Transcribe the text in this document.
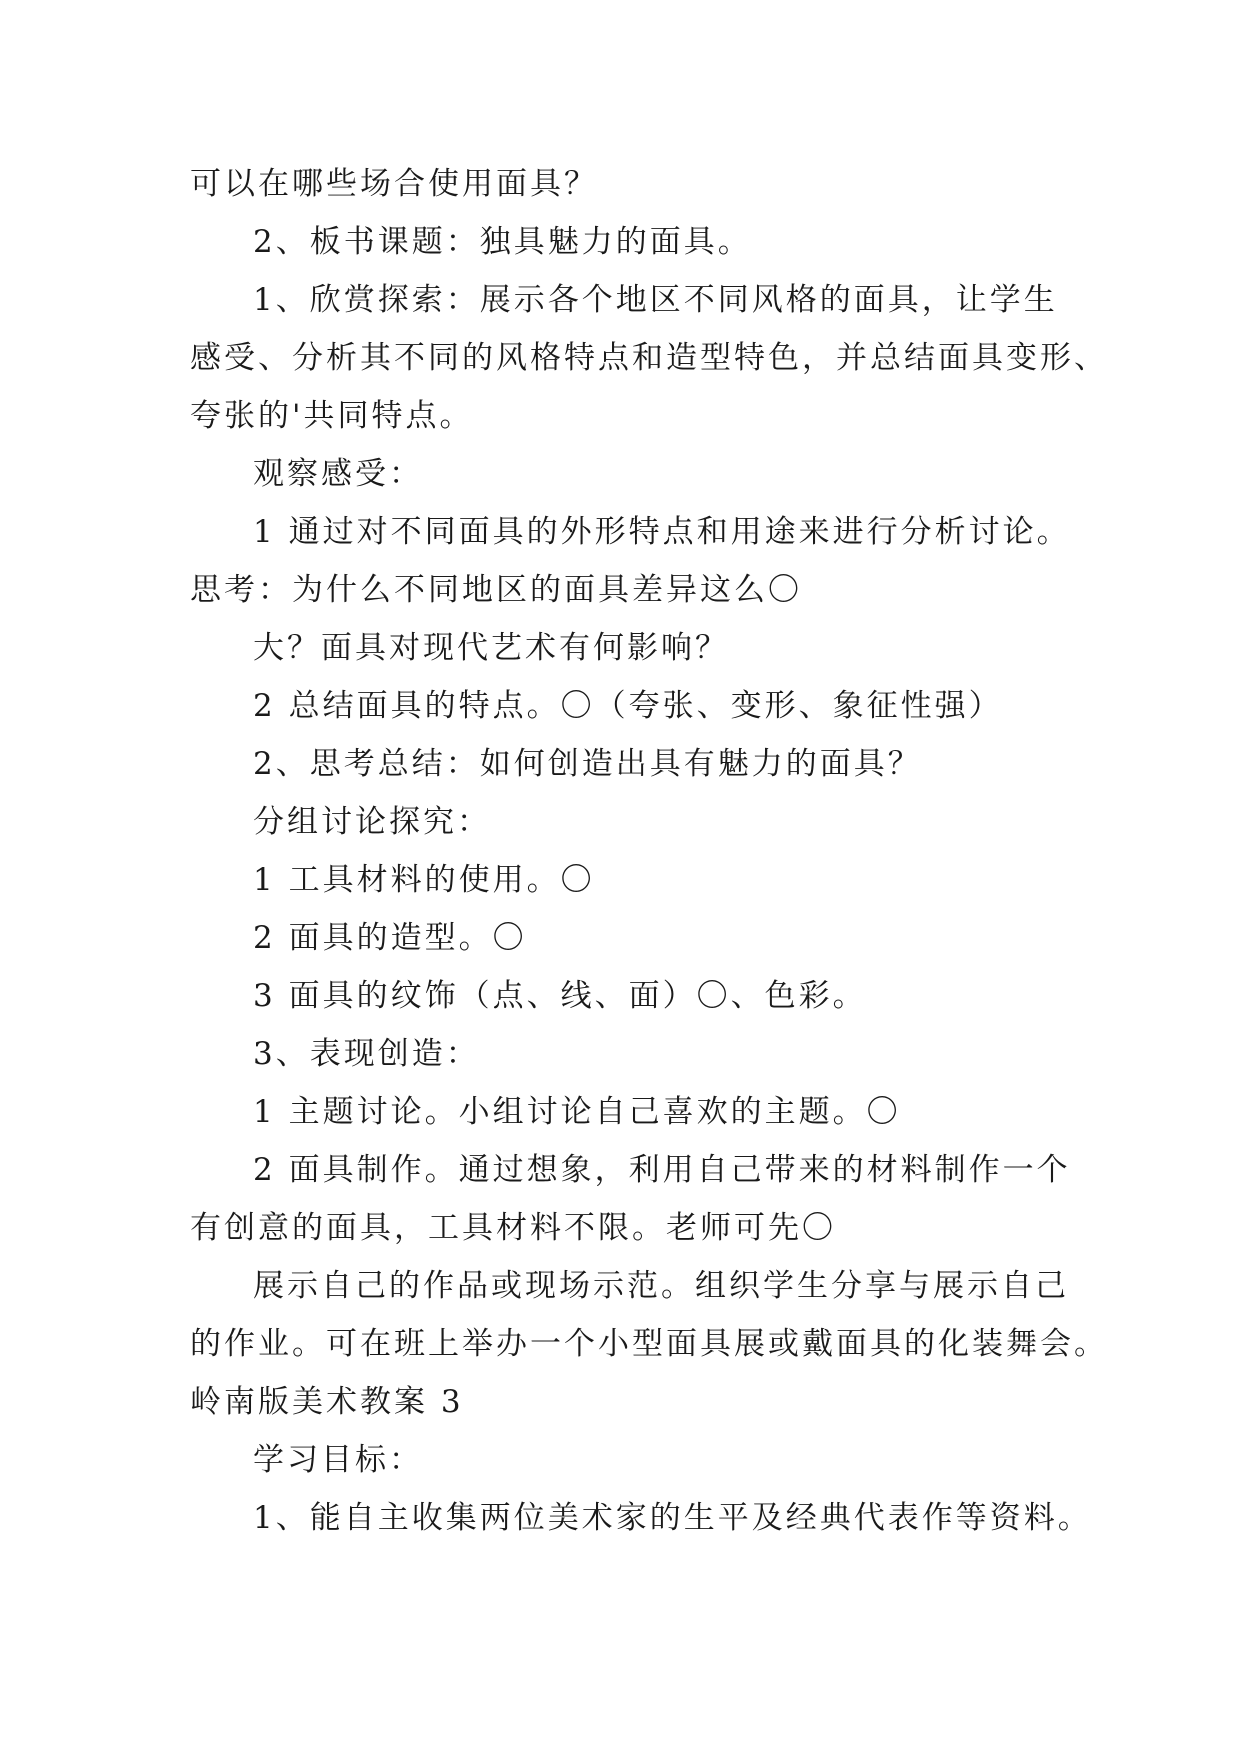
可以在哪些场合使用面具？
2、板书课题：独具魅力的面具。
1、欣赏探索：展示各个地区不同风格的面具，让学生
感受、分析其不同的风格特点和造型特色，并总结面具变形、
夸张的'共同特点。
观察感受：
1 通过对不同面具的外形特点和用途来进行分析讨论。
思考：为什么不同地区的面具差异这么〇
大？面具对现代艺术有何影响？
2 总结面具的特点。〇（夸张、变形、象征性强）
2、思考总结：如何创造出具有魅力的面具？
分组讨论探究：
1 工具材料的使用。〇
2 面具的造型。〇
3 面具的纹饰（点、线、面）〇、色彩。
3、表现创造：
1 主题讨论。小组讨论自己喜欢的主题。〇
2 面具制作。通过想象，利用自己带来的材料制作一个
有创意的面具，工具材料不限。老师可先〇
展示自己的作品或现场示范。组织学生分享与展示自己
的作业。可在班上举办一个小型面具展或戴面具的化装舞会。
岭南版美术教案 3
学习目标：
1、能自主收集两位美术家的生平及经典代表作等资料。
